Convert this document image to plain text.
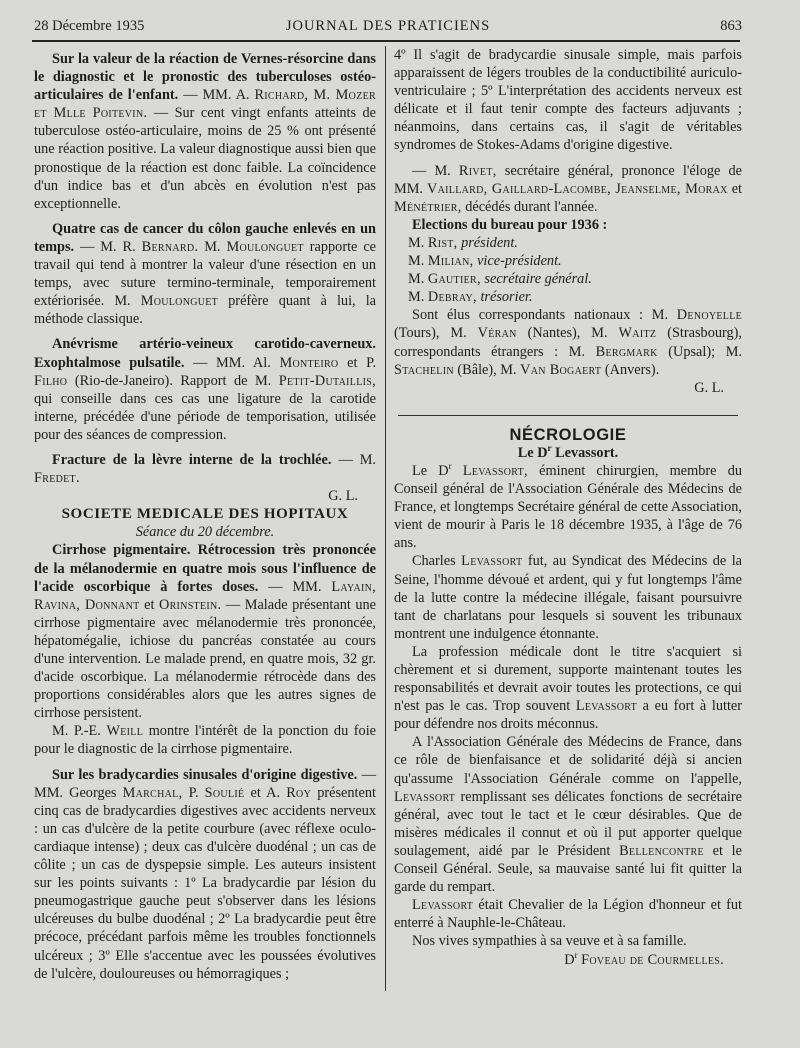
28 Décembre 1935	JOURNAL DES PRATICIENS	863

Sur la valeur de la réaction de Vernes-résorcine dans le diagnostic et le pronostic des tuberculoses ostéo-articulaires de l'enfant. — MM. A. Richard, M. Mozer et Mlle Poitevin. — Sur cent vingt enfants atteints de tuberculose ostéo-articulaire, moins de 25 % ont présenté une réaction positive. La valeur diagnostique aussi bien que pronostique de la réaction est donc faible. La coïncidence d'un indice bas et d'un abcès en évolution n'est pas exceptionnelle.

Quatre cas de cancer du côlon gauche enlevés en un temps. — M. R. Bernard. M. Moulonguet rapporte ce travail qui tend à montrer la valeur d'une résection en un temps, avec suture termino-terminale, temporairement extériorisée. M. Moulonguet préfère quant à lui, la méthode classique.

Anévrisme artério-veineux carotido-caverneux. Exophtalmose pulsatile. — MM. Al. Monteiro et P. Filho (Rio-de-Janeiro). Rapport de M. Petit-Dutaillis, qui conseille dans ces cas une ligature de la carotide interne, précédée d'une période de temporisation, utilisée pour des séances de compression.

Fracture de la lèvre interne de la trochlée. — M. Fredet.

G. L.

SOCIETE MEDICALE DES HOPITAUX

Séance du 20 décembre.

Cirrhose pigmentaire. Rétrocession très prononcée de la mélanodermie en quatre mois sous l'influence de l'acide oscorbique à fortes doses. — MM. Layain, Ravina, Donnant et Orinstein. — Malade présentant une cirrhose pigmentaire avec mélanodermie très prononcée, hépatomégalie, ichiose du pancréas constatée au cours d'une intervention. Le malade prend, en quatre mois, 32 gr. d'acide oscorbique. La mélanodermie rétrocède dans des proportions considérables alors que les autres signes de cirrhose persistent.

M. P.-E. Weill montre l'intérêt de la ponction du foie pour le diagnostic de la cirrhose pigmentaire.

Sur les bradycardies sinusales d'origine digestive. — MM. Georges Marchal, P. Soulié et A. Roy présentent cinq cas de bradycardies digestives avec accidents nerveux : un cas d'ulcère de la petite courbure (avec réflexe oculo-cardiaque intense) ; deux cas d'ulcère duodénal ; un cas de côlite ; un cas de dyspepsie simple. Les auteurs insistent sur les points suivants : 1º La bradycardie par lésion du pneumogastrique gauche peut s'observer dans les lésions ulcéreuses du bulbe duodénal ; 2º La bradycardie peut être précoce, précédant parfois même les troubles fonctionnels ulcéreux ; 3º Elle s'accentue avec les poussées évolutives de l'ulcère, douloureuses ou hémorragiques ;

4º Il s'agit de bradycardie sinusale simple, mais parfois apparaissent de légers troubles de la conductibilité auriculo-ventriculaire ; 5º L'interprétation des accidents nerveux est délicate et il faut tenir compte des facteurs adjuvants ; néanmoins, dans certains cas, il s'agit de véritables syndromes de Stokes-Adams d'origine digestive.

— M. Rivet, secrétaire général, prononce l'éloge de MM. Vaillard, Gaillard-Lacombe, Jeanselme, Morax et Ménétrier, décédés durant l'année.

Elections du bureau pour 1936 :

M. Rist, président.

M. Milian, vice-président.

M. Gautier, secrétaire général.

M. Debray, trésorier.

Sont élus correspondants nationaux : M. Denoyelle (Tours), M. Véran (Nantes), M. Waitz (Strasbourg), correspondants étrangers : M. Bergmark (Upsal); M. Stachelin (Bâle), M. Van Bogaert (Anvers).

G. L.

NÉCROLOGIE

Le $D^r$ Levassort.

Le $D^r$ Levassort, éminent chirurgien, membre du Conseil général de l'Association Générale des Médecins de France, et longtemps Secrétaire général de cette Association, vient de mourir à Paris le 18 décembre 1935, à l'âge de 76 ans.

Charles Levassort fut, au Syndicat des Médecins de la Seine, l'homme dévoué et ardent, qui y fut longtemps l'âme de la lutte contre la médecine illégale, faisant poursuivre tant de charlatans pour lesquels si souvent les tribunaux montrent une indulgence étonnante.

La profession médicale dont le titre s'acquiert si chèrement et si durement, supporte maintenant toutes les responsabilités et devrait avoir toutes les protections, ce qui n'est pas le cas. Trop souvent Levassort a eu fort à lutter pour défendre nos droits méconnus.

A l'Association Générale des Médecins de France, dans ce rôle de bienfaisance et de solidarité déjà si ancien qu'assume l'Association Générale comme on l'appelle, Levassort remplissant ses délicates fonctions de secrétaire général, avec tout le tact et le cœur désirables. Que de misères médicales il connut et où il put apporter quelque soulagement, aidé par le Président Bellencontre et le Conseil Général. Seule, sa mauvaise santé lui fit quitter la garde du rempart.

Levassort était Chevalier de la Légion d'honneur et fut enterré à Nauphle-le-Château.

Nos vives sympathies à sa veuve et à sa famille.

$D^r$ Foveau de Courmelles.
